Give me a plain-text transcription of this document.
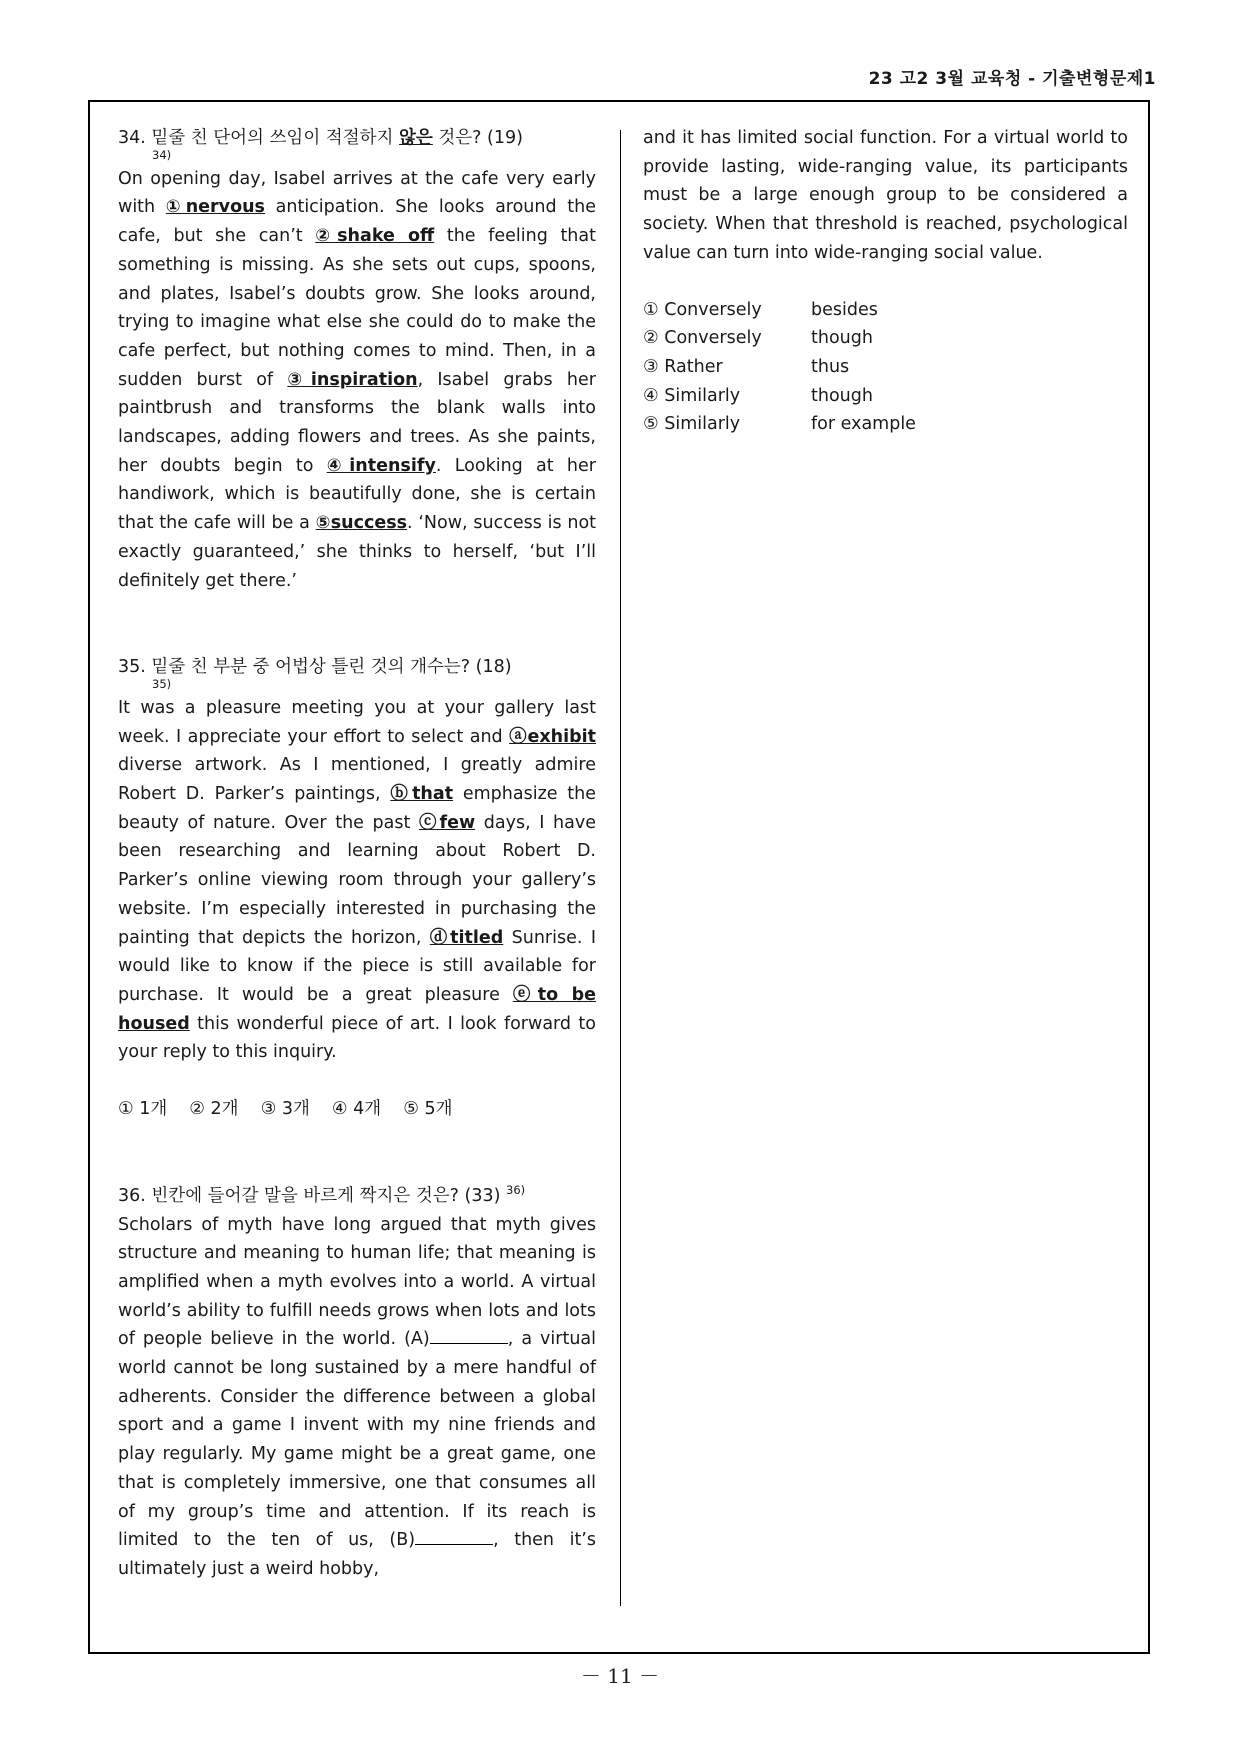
23 고2 3월 교육청 - 기출변형문제1
34. 밑줄 친 단어의 쓰임이 적절하지 않은 것은? (19)
34)

On opening day, Isabel arrives at the cafe very early with ①nervous anticipation. She looks around the cafe, but she can’t ②shake off the feeling that something is missing. As she sets out cups, spoons, and plates, Isabel’s doubts grow. She looks around, trying to imagine what else she could do to make the cafe perfect, but nothing comes to mind. Then, in a sudden burst of ③inspiration, Isabel grabs her paintbrush and transforms the blank walls into landscapes, adding flowers and trees. As she paints, her doubts begin to ④intensify. Looking at her handiwork, which is beautifully done, she is certain that the cafe will be a ⑤success. ‘Now, success is not exactly guaranteed,’ she thinks to herself, ‘but I’ll definitely get there.’

35. 밑줄 친 부분 중 어법상 틀린 것의 개수는? (18)
35)

It was a pleasure meeting you at your gallery last week. I appreciate your effort to select and ⓐexhibit diverse artwork. As I mentioned, I greatly admire Robert D. Parker’s paintings, ⓑthat emphasize the beauty of nature. Over the past ⓒfew days, I have been researching and learning about Robert D. Parker’s online viewing room through your gallery’s website. I’m especially interested in purchasing the painting that depicts the horizon, ⓓtitled Sunrise. I would like to know if the piece is still available for purchase. It would be a great pleasure ⓔto be housed this wonderful piece of art. I look forward to your reply to this inquiry.

① 1개 ② 2개 ③ 3개 ④ 4개 ⑤ 5개
36. 빈칸에 들어갈 말을 바르게 짝지은 것은? (33) $^{36)}$

Scholars of myth have long argued that myth gives structure and meaning to human life; that meaning is amplified when a myth evolves into a world. A virtual world’s ability to fulfill needs grows when lots and lots of people believe in the world. (A)	, a virtual world cannot be long sustained by a mere handful of adherents. Consider the difference between a global sport and a game I invent with my nine friends and play regularly. My game might be a great game, one that is completely immersive, one that consumes all of my group’s time and attention. If its reach is limited to the ten of us, (B)	, then it’s ultimately just a weird hobby,

and it has limited social function. For a virtual world to provide lasting, wide-ranging value, its participants must be a large enough group to be considered a society. When that threshold is reached, psychological value can turn into wide-ranging social value.

① Conversely	besides
② Conversely	though
③ Rather	thus
④ Similarly	though
⑤ Similarly	for example
－ 11 －
